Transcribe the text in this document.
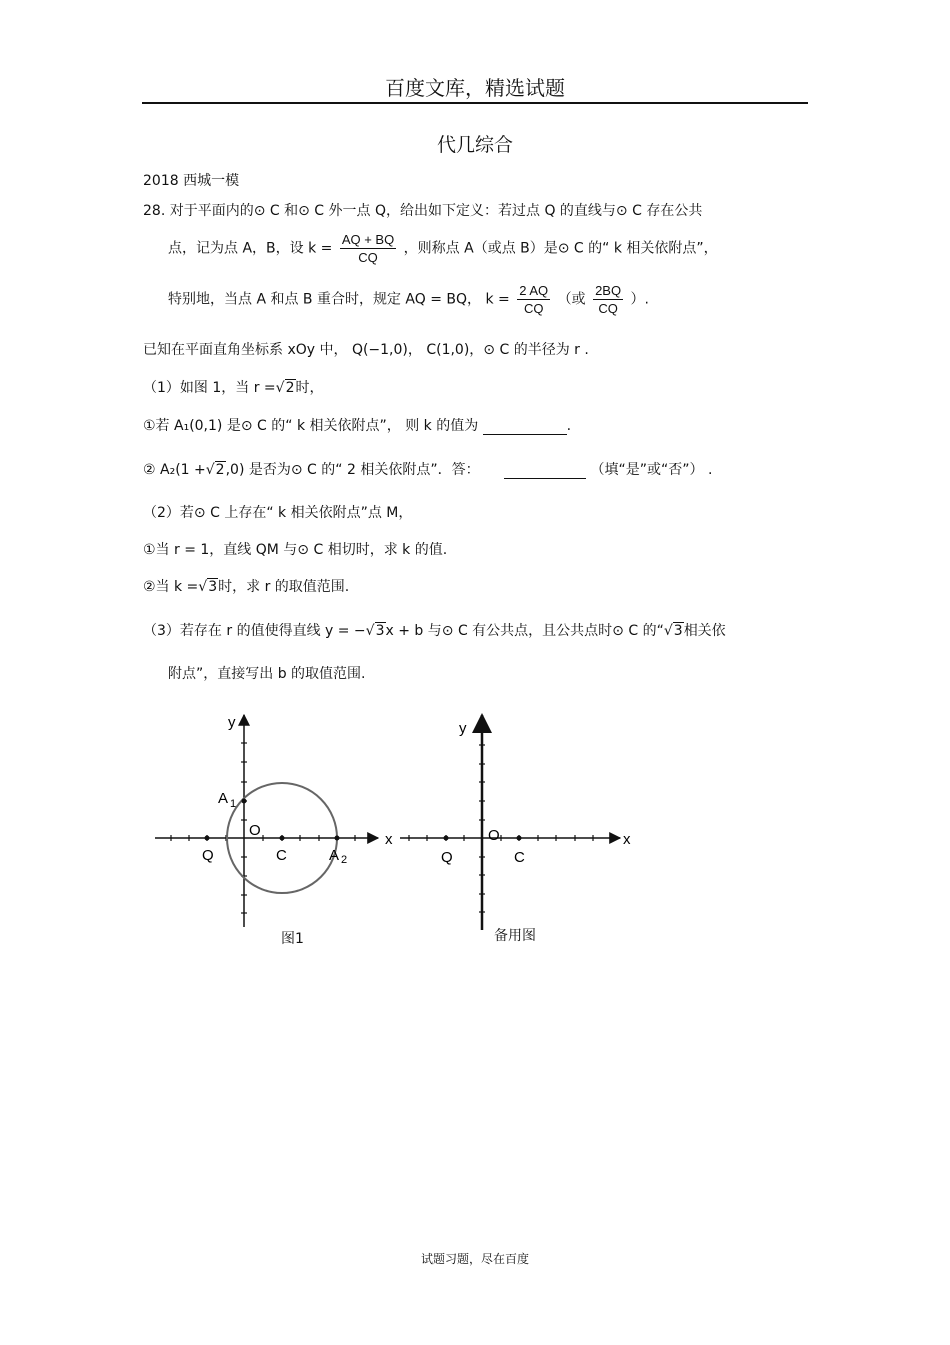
百度文库，精选试题
代几综合
2018 西城一模
28. 对于平面内的⊙ C 和⊙ C 外一点 Q，给出如下定义：若过点 Q 的直线与⊙ C 存在公共
点，记为点 A，B，设 $k = \frac{AQ + BQ}{CQ}$ ，则称点 A（或点 B）是⊙ C 的“ k 相关依附点”，
特别地，当点 A 和点 B 重合时，规定 AQ = BQ， $k = \frac{2 AQ}{CQ}$ （或 $\frac{2BQ}{CQ}$ ）.
已知在平面直角坐标系 xOy 中， Q(−1,0)， C(1,0)，⊙ C 的半径为 r .
（1）如图 1，当 r =√2时，
①若 A₁(0,1) 是⊙ C 的“ k 相关依附点”， 则 k 的值为	.
② A₂(1 +√2,0) 是否为⊙ C 的“ 2 相关依附点”．答：	（填“是”或“否”） .
（2）若⊙ C 上存在“ k 相关依附点”点 M，
①当 r = 1，直线 QM 与⊙ C 相切时，求 k 的值.
②当 k =√3时，求 r 的取值范围.
（3）若存在 r 的值使得直线 y = −√3x + b 与⊙ C 有公共点，且公共点时⊙ C 的“√3相关依
附点”，直接写出 b 的取值范围.
y
x
O
Q	C
A 1
A 2
图1
y
x
O
Q	C
备用图
试题习题，尽在百度
